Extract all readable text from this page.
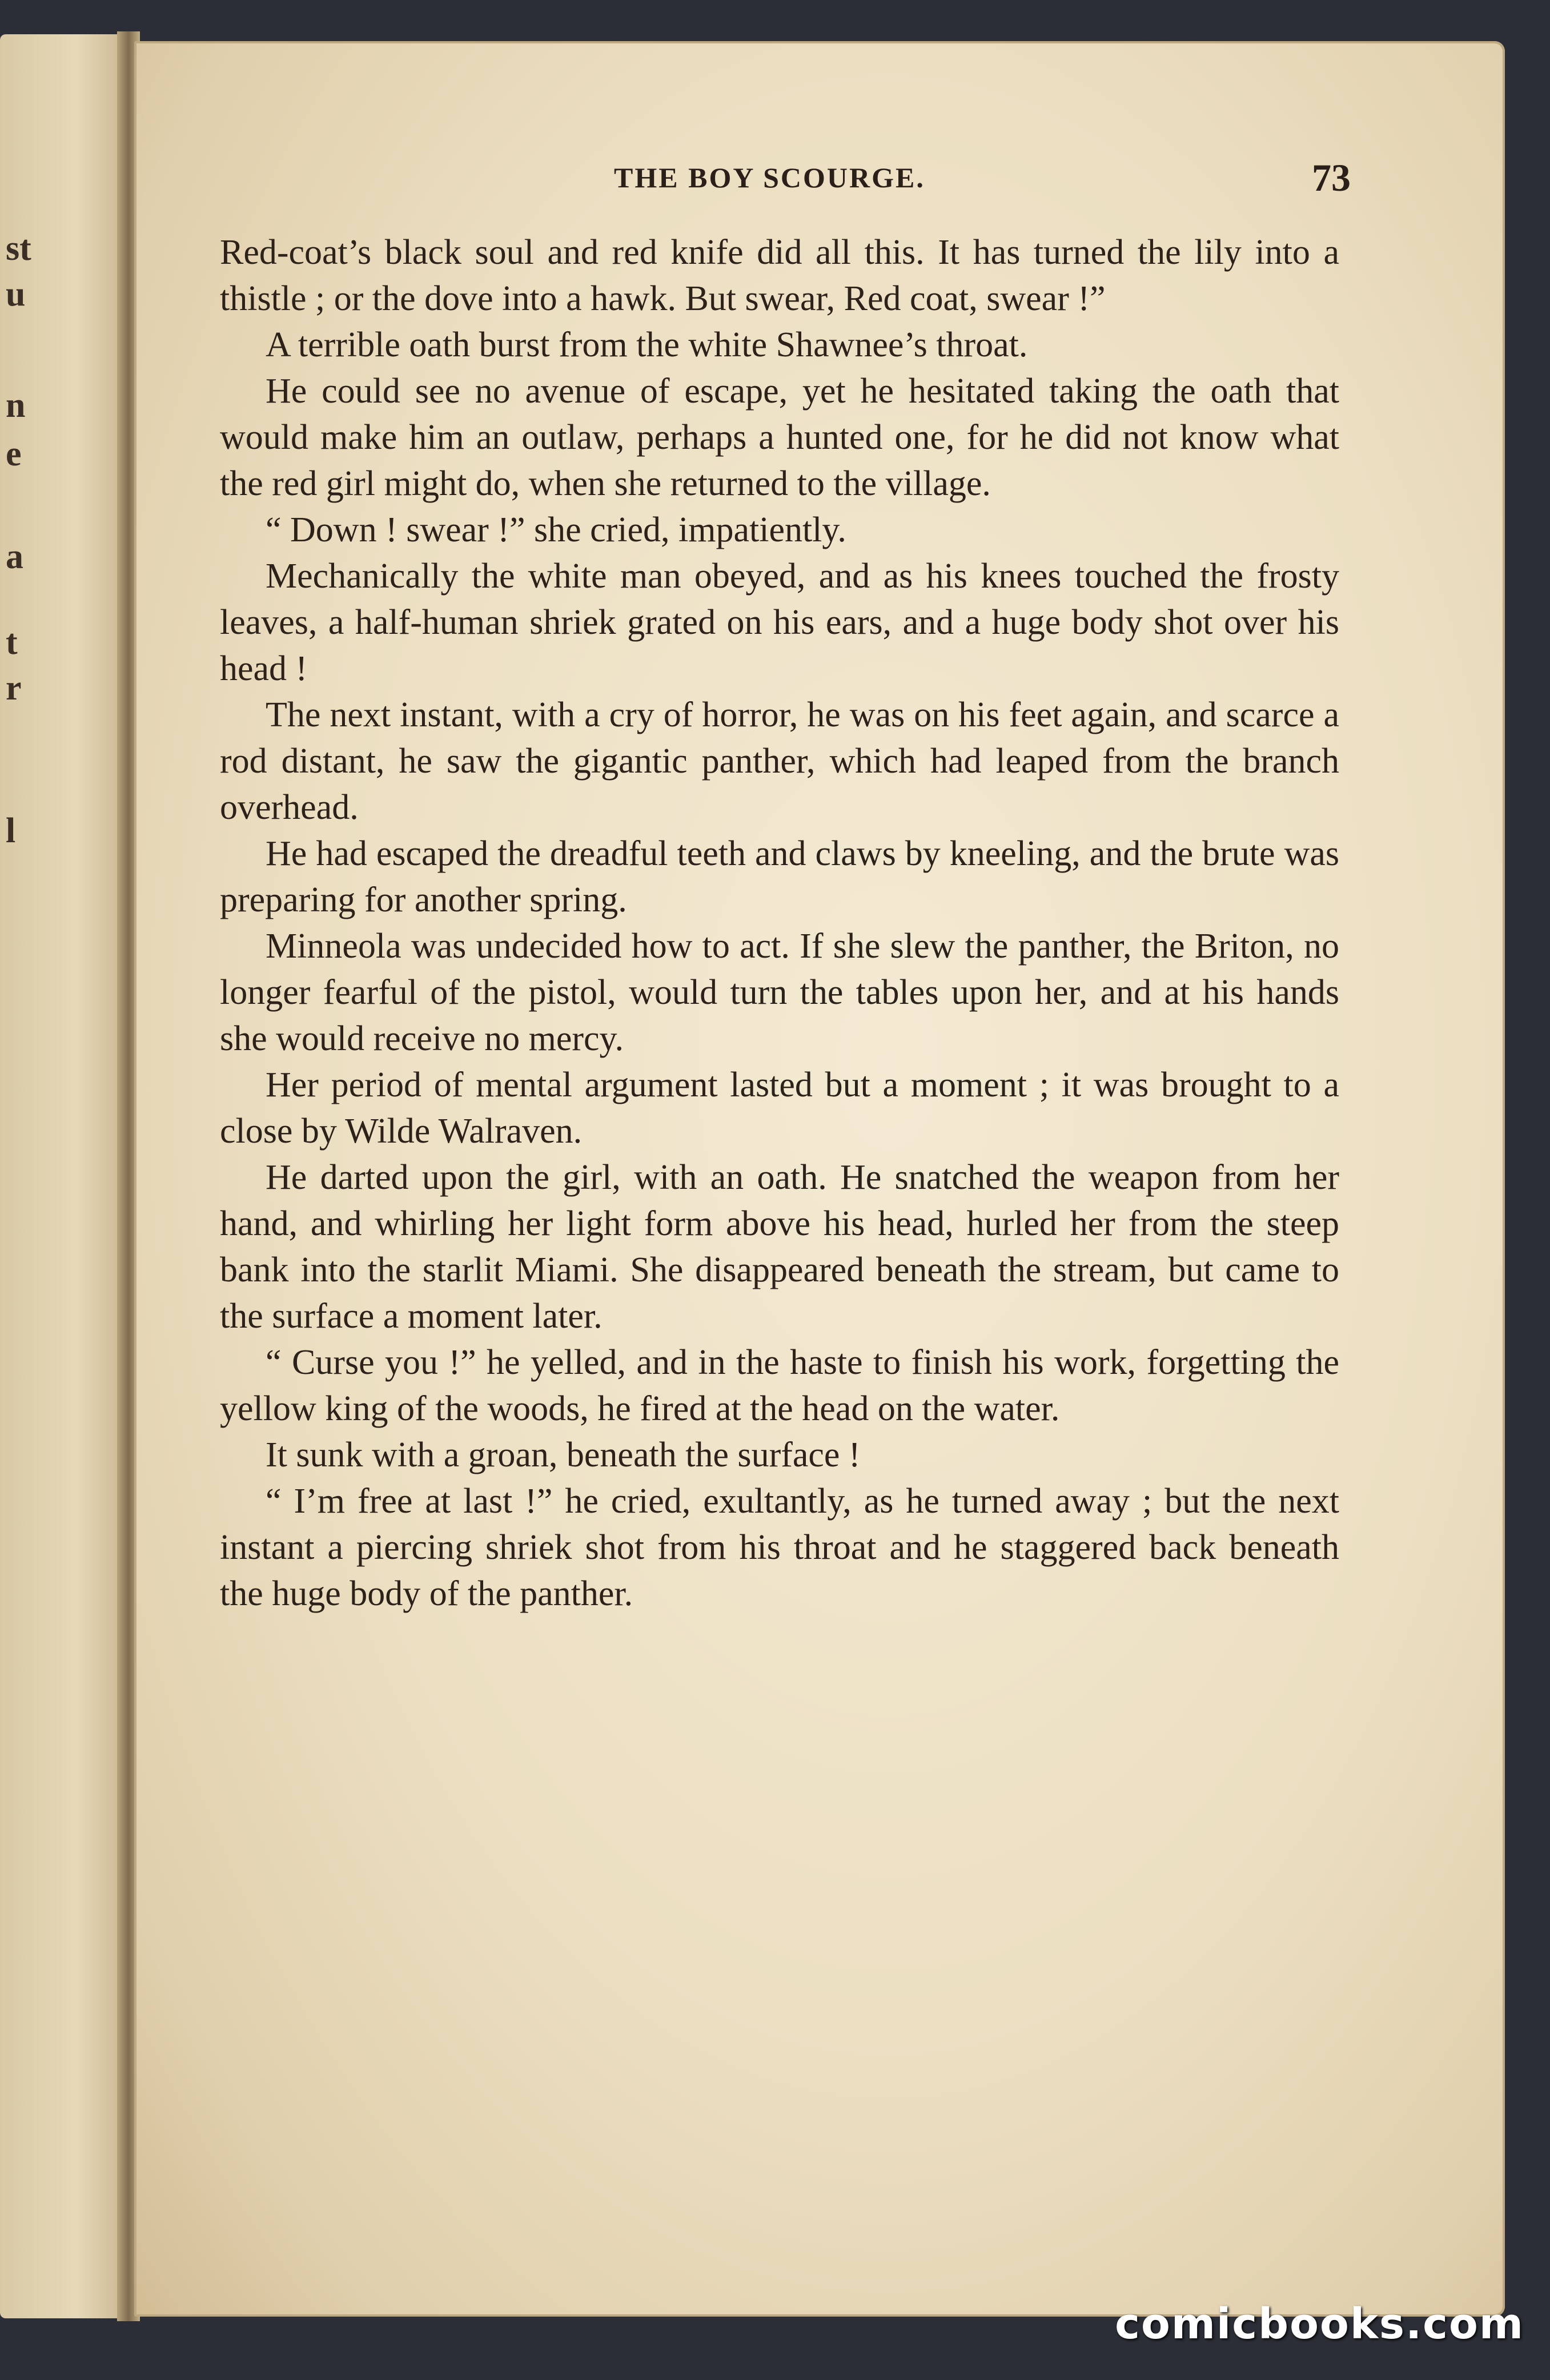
st
u
n
e
a
t
r
l
THE BOY SCOURGE.	73

Red-coat’s black soul and red knife did all this. It has turned the lily into a thistle ; or the dove into a hawk. But swear, Red coat, swear !”

A terrible oath burst from the white Shawnee’s throat.

He could see no avenue of escape, yet he hesitated taking the oath that would make him an outlaw, perhaps a hunted one, for he did not know what the red girl might do, when she returned to the village.

“ Down ! swear !” she cried, impatiently.

Mechanically the white man obeyed, and as his knees touched the frosty leaves, a half-human shriek grated on his ears, and a huge body shot over his head !

The next instant, with a cry of horror, he was on his feet again, and scarce a rod distant, he saw the gigantic panther, which had leaped from the branch overhead.

He had escaped the dreadful teeth and claws by kneeling, and the brute was preparing for another spring.

Minneola was undecided how to act. If she slew the panther, the Briton, no longer fearful of the pistol, would turn the tables upon her, and at his hands she would receive no mercy.

Her period of mental argument lasted but a moment ; it was brought to a close by Wilde Walraven.

He darted upon the girl, with an oath. He snatched the weapon from her hand, and whirling her light form above his head, hurled her from the steep bank into the starlit Miami. She disappeared beneath the stream, but came to the surface a moment later.

“ Curse you !” he yelled, and in the haste to finish his work, forgetting the yellow king of the woods, he fired at the head on the water.

It sunk with a groan, beneath the surface !

“ I’m free at last !” he cried, exultantly, as he turned away ; but the next instant a piercing shriek shot from his throat and he staggered back beneath the huge body of the panther.

comicbooks.com
